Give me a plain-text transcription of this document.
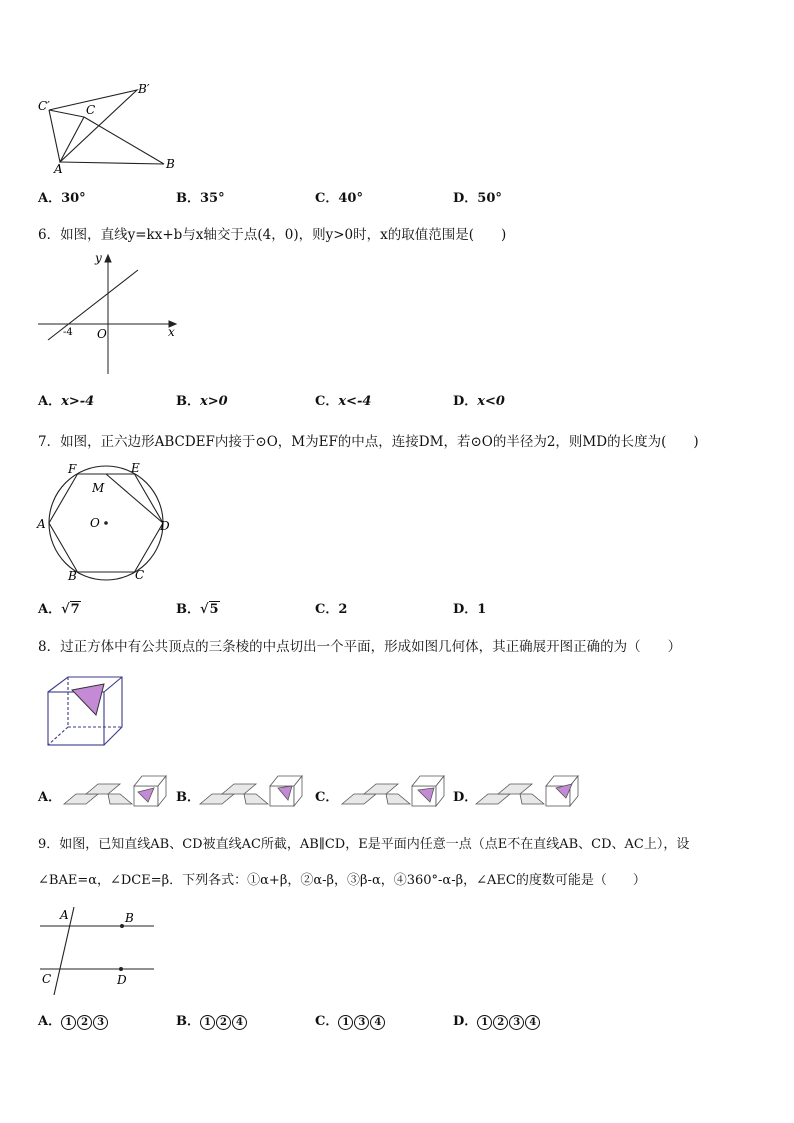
C′	C
B′
A	B
A．30°	B．35°	C．40°	D．50°
6．如图，直线y=kx+b与x轴交于点(4，0)，则y>0时，x的取值范围是(　　)
y
x
O
-4
A．x>-4	B．x>0	C．x<-4	D．x<0
7．如图，正六边形ABCDEF内接于⊙O，M为EF的中点，连接DM，若⊙O的半径为2，则MD的长度为(　　)
F	E
M
A	O	D
B	C
A．√7	B．√5	C．2	D．1
8．过正方体中有公共顶点的三条棱的中点切出一个平面，形成如图几何体，其正确展开图正确的为（　　）
A．	B．	C．	D．
9．如图，已知直线AB、CD被直线AC所截，AB∥CD，E是平面内任意一点（点E不在直线AB、CD、AC上），设
∠BAE=α，∠DCE=β．下列各式：①α+β，②α-β，③β-α，④360°-α-β，∠AEC的度数可能是（　　）
A	B
C	D
A． 1 2 3	B． 1 2 4	C． 1 3 4	D． 1 2 3 4
